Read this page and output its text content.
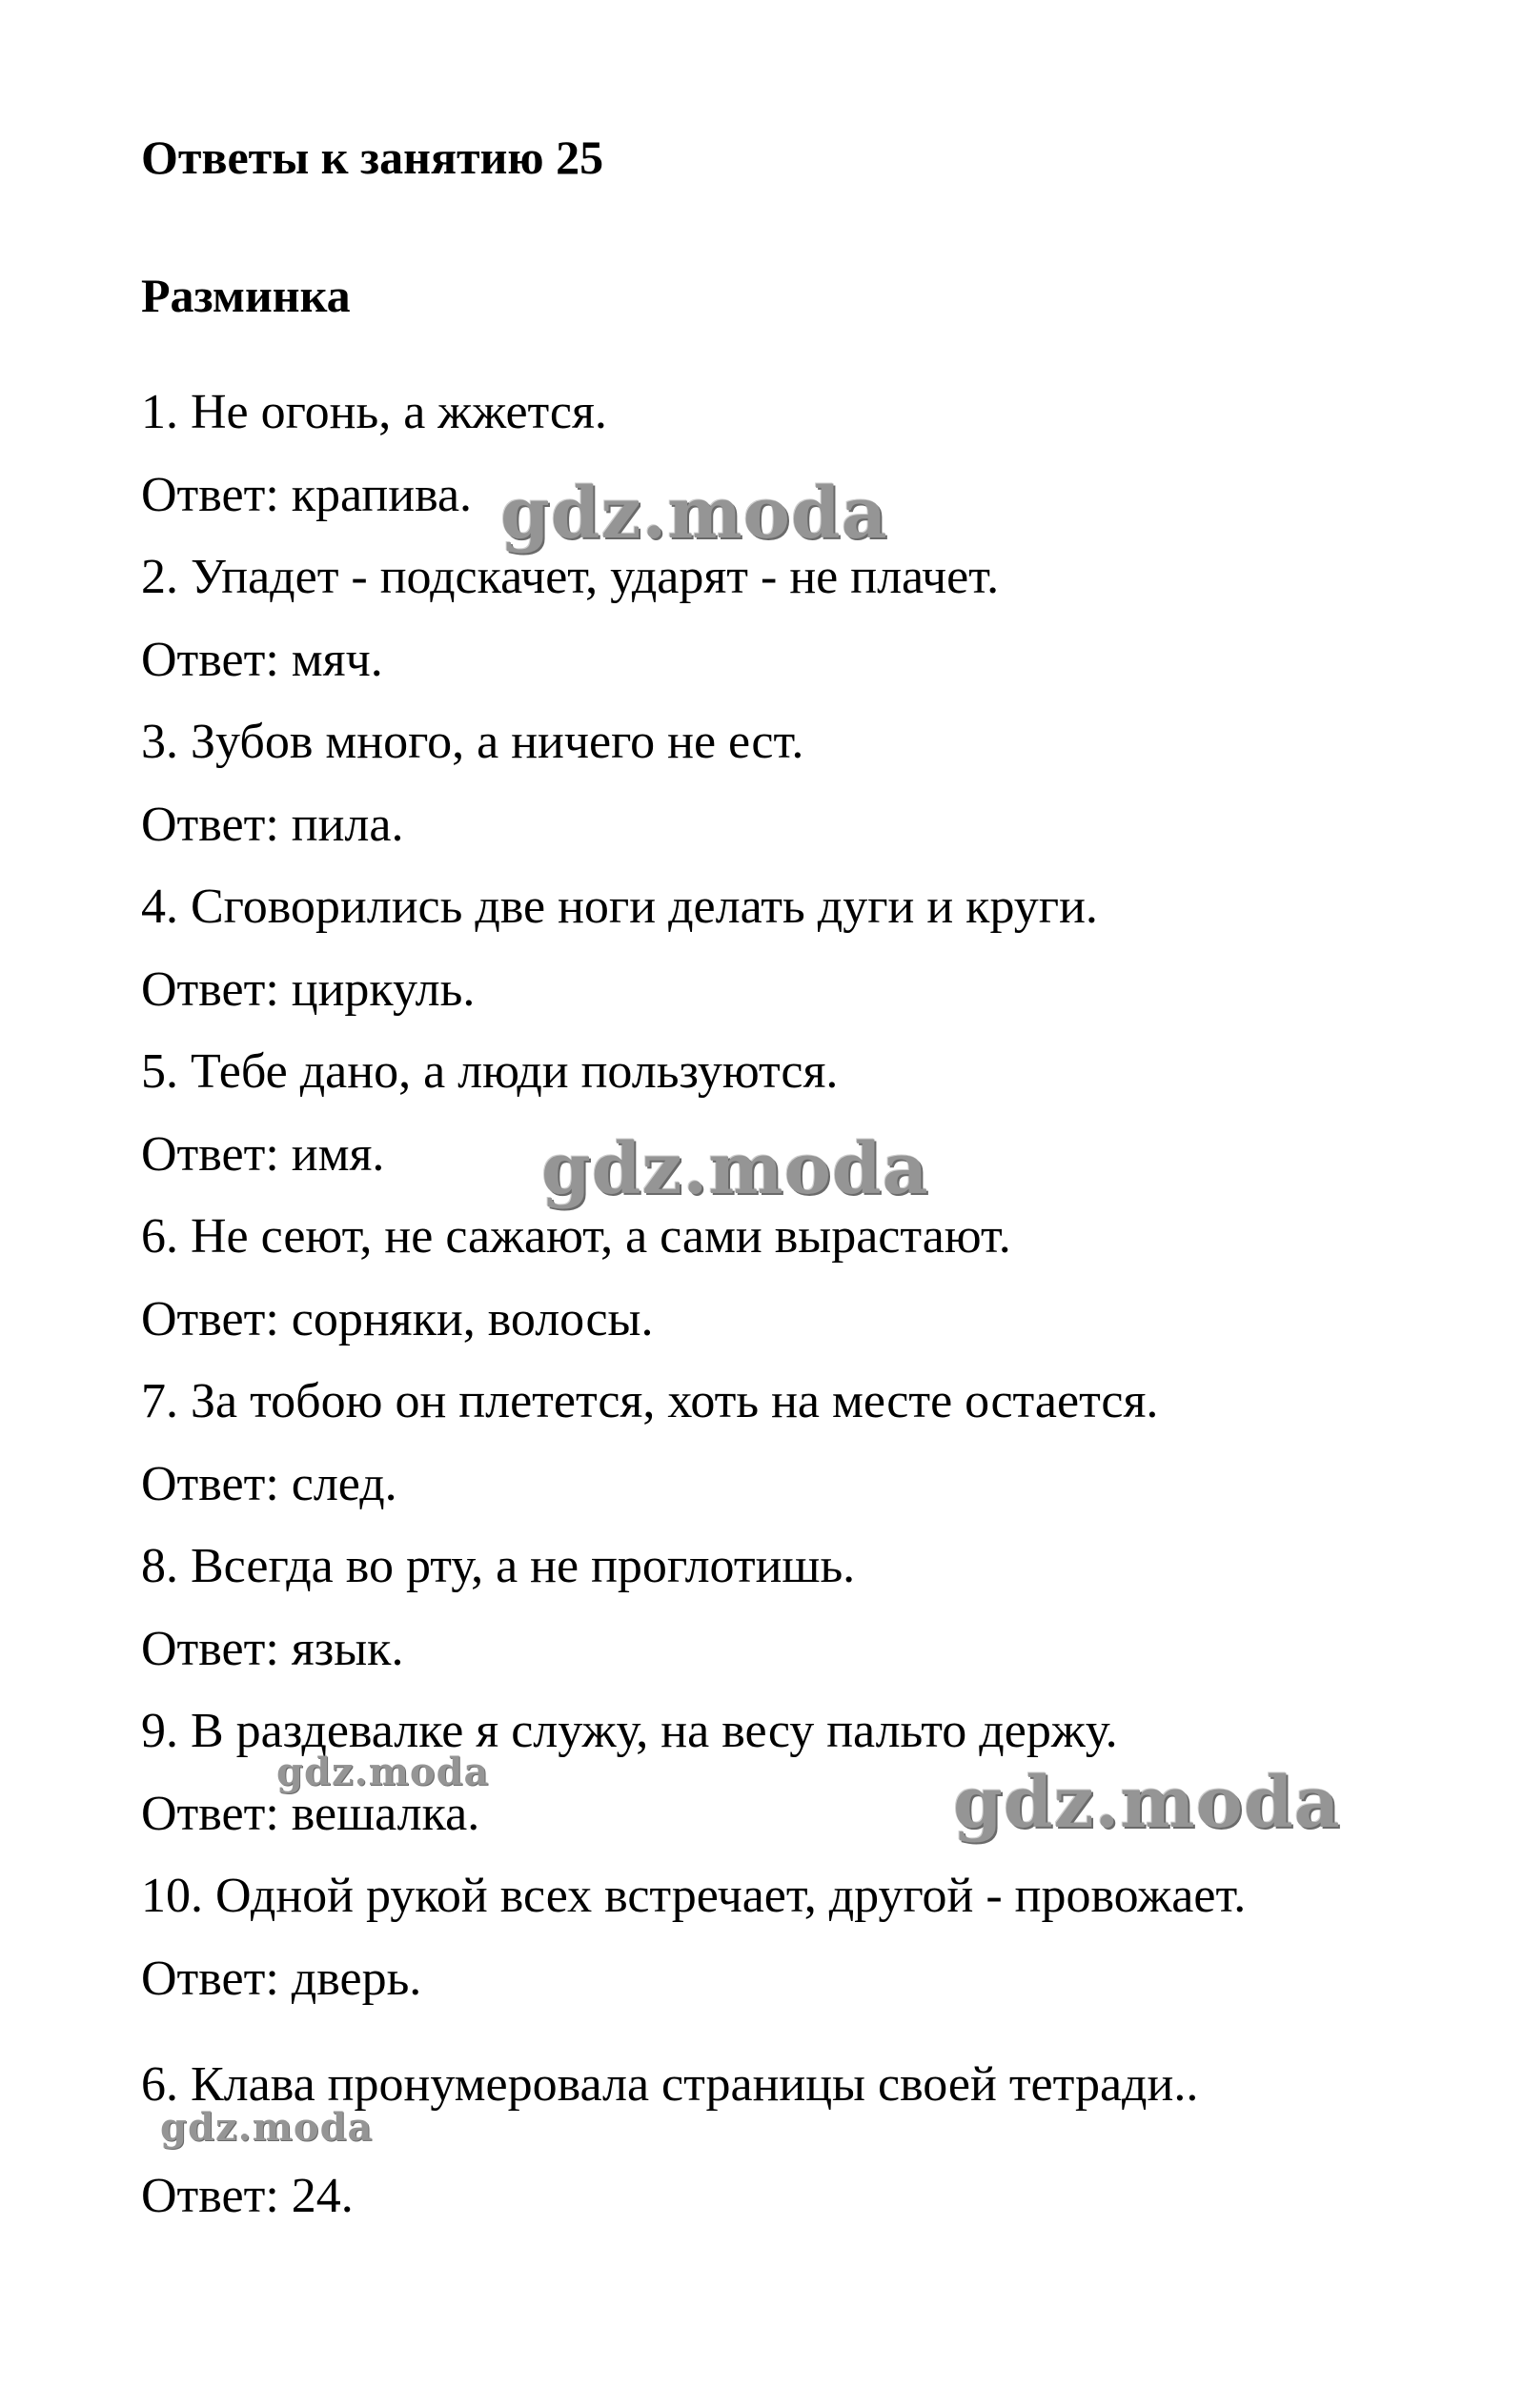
Ответы к занятию 25
Разминка

1. Не огонь, а жжется.

Ответ: крапива.

2. Упадет - подскачет, ударят - не плачет.

Ответ: мяч.

3. Зубов много, а ничего не ест.

Ответ: пила.

4. Сговорились две ноги делать дуги и круги.

Ответ: циркуль.

5. Тебе дано, а люди пользуются.

Ответ: имя.

6. Не сеют, не сажают, а сами вырастают.

Ответ: сорняки, волосы.

7. За тобою он плетется, хоть на месте остается.

Ответ: след.

8. Всегда во рту, а не проглотишь.

Ответ: язык.

9. В раздевалке я служу, на весу пальто держу.

Ответ: вешалка.

10. Одной рукой всех встречает, другой - провожает.

Ответ: дверь.

6. Клава пронумеровала страницы своей тетради..

Ответ: 24.

gdz.moda
gdz.moda
gdz.moda
gdz.moda
gdz.moda
